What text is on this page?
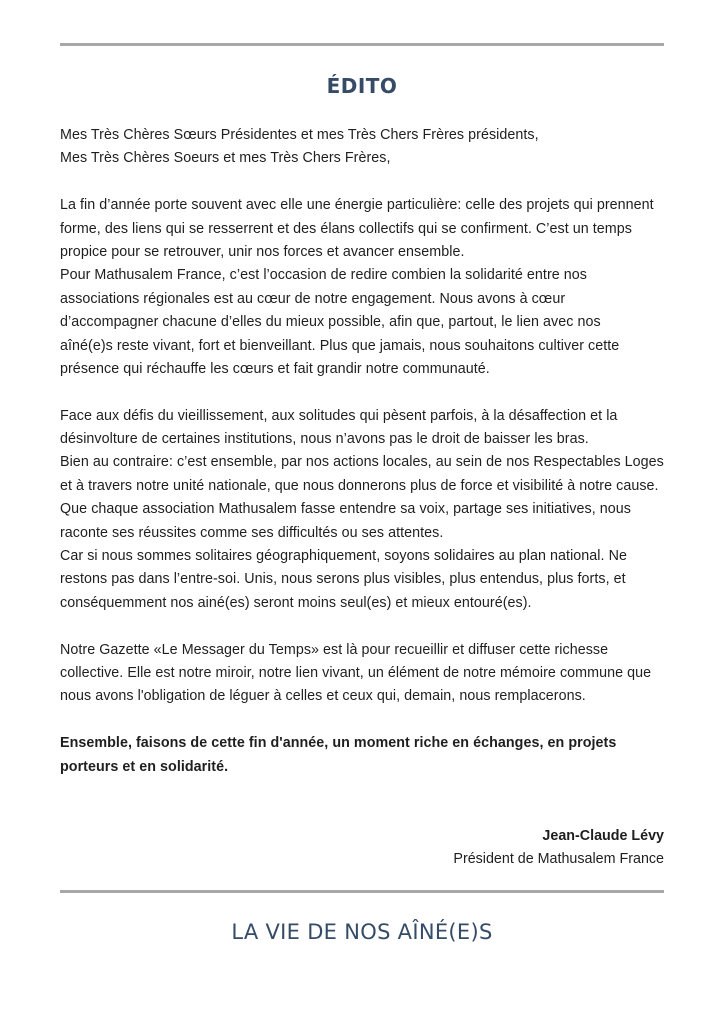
ÉDITO
Mes Très Chères Sœurs Présidentes et mes Très Chers Frères présidents,
Mes Très Chères Soeurs et mes Très Chers Frères,
La fin d’année porte souvent avec elle une énergie particulière: celle des projets qui prennent
forme, des liens qui se resserrent et des élans collectifs qui se confirment. C’est un temps
propice pour se retrouver, unir nos forces et avancer ensemble.
Pour Mathusalem France, c’est l’occasion de redire combien la solidarité entre nos
associations régionales est au cœur de notre engagement. Nous avons à cœur
d’accompagner chacune d’elles du mieux possible, afin que, partout, le lien avec nos
aîné(e)s reste vivant, fort et bienveillant. Plus que jamais, nous souhaitons cultiver cette
présence qui réchauffe les cœurs et fait grandir notre communauté.
Face aux défis du vieillissement, aux solitudes qui pèsent parfois, à la désaffection et la
désinvolture de certaines institutions, nous n’avons pas le droit de baisser les bras.
Bien au contraire: c’est ensemble, par nos actions locales, au sein de nos Respectables Loges
et à travers notre unité nationale, que nous donnerons plus de force et visibilité à notre cause.
Que chaque association Mathusalem fasse entendre sa voix, partage ses initiatives, nous
raconte ses réussites comme ses difficultés ou ses attentes.
Car si nous sommes solitaires géographiquement, soyons solidaires au plan national. Ne
restons pas dans l’entre-soi. Unis, nous serons plus visibles, plus entendus, plus forts, et
conséquemment nos ainé(es) seront moins seul(es) et mieux entouré(es).
Notre Gazette «Le Messager du Temps» est là pour recueillir et diffuser cette richesse
collective. Elle est notre miroir, notre lien vivant, un élément de notre mémoire commune que
nous avons l'obligation de léguer à celles et ceux qui, demain, nous remplacerons.
Ensemble, faisons de cette fin d'année, un moment riche en échanges, en projets
porteurs et en solidarité.
Jean-Claude Lévy
Président de Mathusalem France
LA VIE DE NOS AÎNÉ(E)S
